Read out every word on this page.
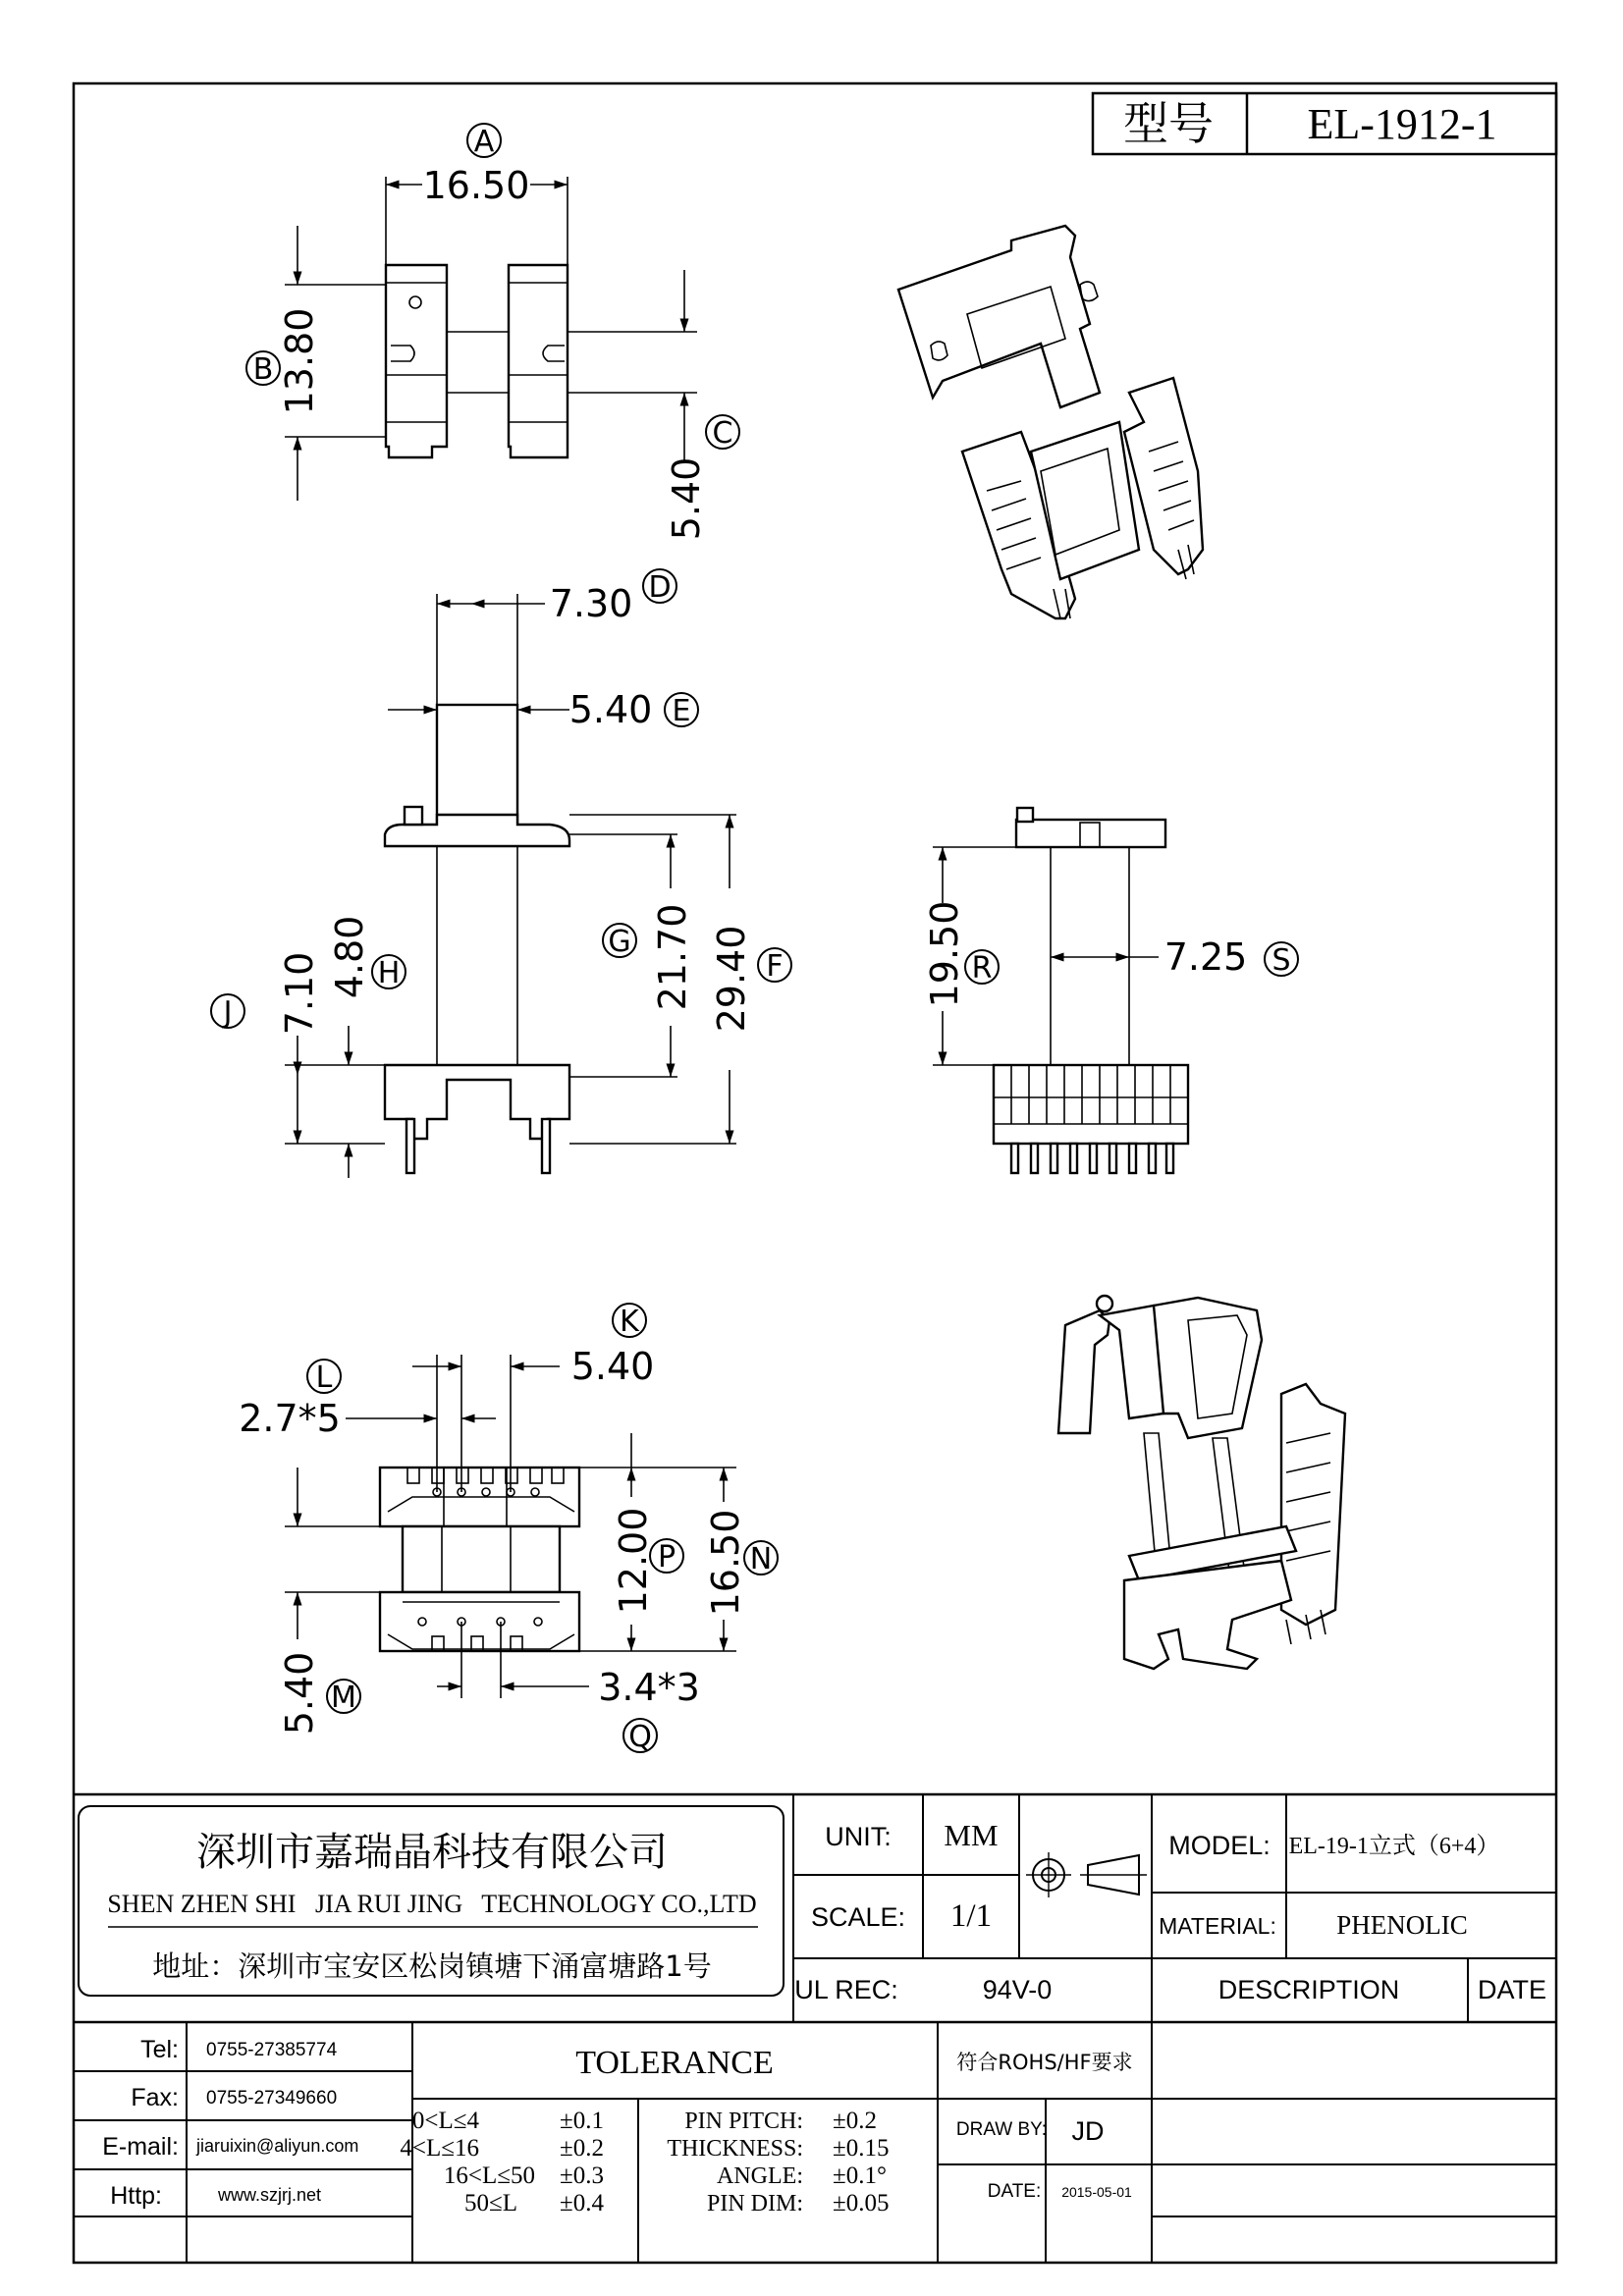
型号 EL-1912-1
16.50
A
13.80
B
5.40
C
7.30 D
5.40 E
21.70
G 29.40 F
4.80 H
7.10
J
19.50 R	7.25 S
5.40
K
2.7*5
L
5.40 M
12.00 P 16.50 N
3.4*3
Q
深圳市嘉瑞晶科技有限公司
SHEN ZHEN SHI   JIA RUI JING   TECHNOLOGY CO.,LTD
地址：深圳市宝安区松岗镇塘下涌富塘路1号
UNIT: MM
SCALE: 1/1
UL REC:	94V-0
MODEL: EL-19-1立式（6+4）
MATERIAL: PHENOLIC
DESCRIPTION	DATE
Tel: 0755-27385774
Fax: 0755-27349660
E-mail: jiaruixin@aliyun.com
Http:	www.szjrj.net
TOLERANCE
0<L≤4	±0.1
4<L≤16	±0.2
16<L≤50 ±0.3
50≤L ±0.4
PIN PITCH: ±0.2
THICKNESS: ±0.15
ANGLE: ±0.1°
PIN DIM: ±0.05
符合ROHS/HF要求
DRAW BY: JD
DATE: 2015-05-01
